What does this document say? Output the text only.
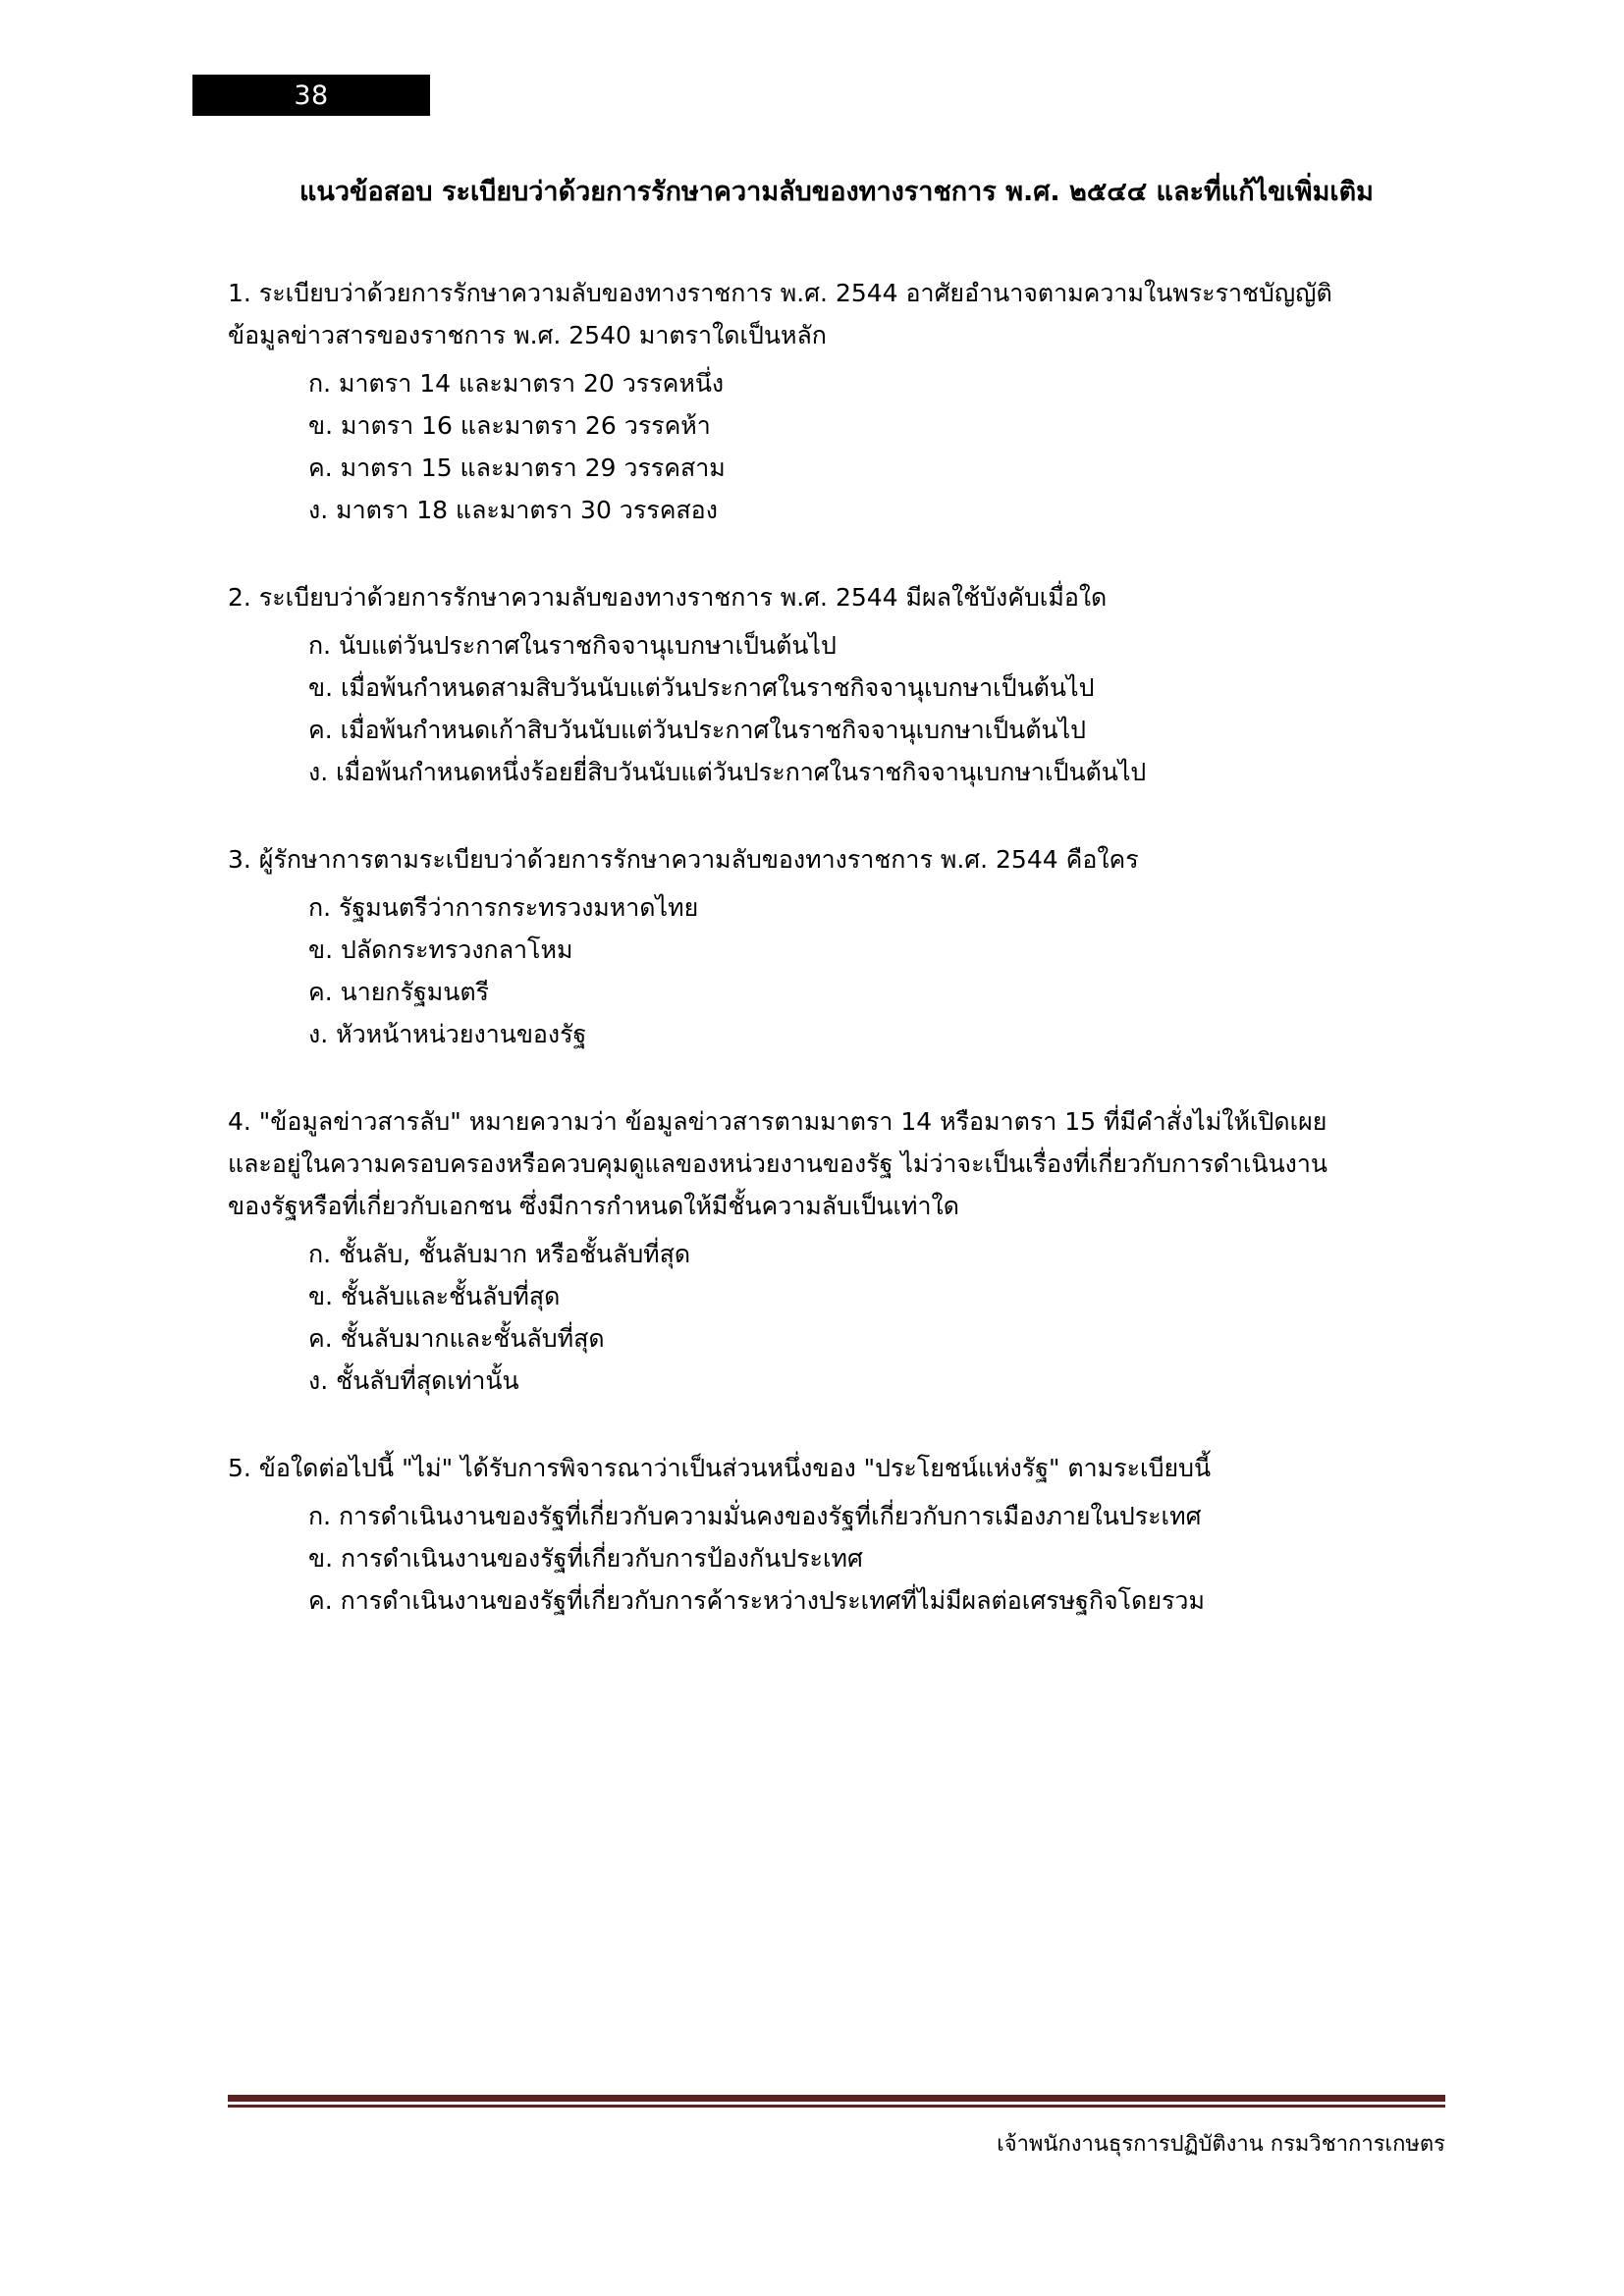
38
แนวข้อสอบ ระเบียบว่าด้วยการรักษาความลับของทางราชการ พ.ศ. ๒๕๔๔ และที่แก้ไขเพิ่มเติม
1. ระเบียบว่าด้วยการรักษาความลับของทางราชการ พ.ศ. 2544 อาศัยอำนาจตามความในพระราชบัญญัติ
ข้อมูลข่าวสารของราชการ พ.ศ. 2540 มาตราใดเป็นหลัก
ก. มาตรา 14 และมาตรา 20 วรรคหนึ่ง
ข. มาตรา 16 และมาตรา 26 วรรคห้า
ค. มาตรา 15 และมาตรา 29 วรรคสาม
ง. มาตรา 18 และมาตรา 30 วรรคสอง
2. ระเบียบว่าด้วยการรักษาความลับของทางราชการ พ.ศ. 2544 มีผลใช้บังคับเมื่อใด
ก. นับแต่วันประกาศในราชกิจจานุเบกษาเป็นต้นไป
ข. เมื่อพ้นกำหนดสามสิบวันนับแต่วันประกาศในราชกิจจานุเบกษาเป็นต้นไป
ค. เมื่อพ้นกำหนดเก้าสิบวันนับแต่วันประกาศในราชกิจจานุเบกษาเป็นต้นไป
ง. เมื่อพ้นกำหนดหนึ่งร้อยยี่สิบวันนับแต่วันประกาศในราชกิจจานุเบกษาเป็นต้นไป
3. ผู้รักษาการตามระเบียบว่าด้วยการรักษาความลับของทางราชการ พ.ศ. 2544 คือใคร
ก. รัฐมนตรีว่าการกระทรวงมหาดไทย
ข. ปลัดกระทรวงกลาโหม
ค. นายกรัฐมนตรี
ง. หัวหน้าหน่วยงานของรัฐ
4. "ข้อมูลข่าวสารลับ" หมายความว่า ข้อมูลข่าวสารตามมาตรา 14 หรือมาตรา 15 ที่มีคำสั่งไม่ให้เปิดเผย
และอยู่ในความครอบครองหรือควบคุมดูแลของหน่วยงานของรัฐ ไม่ว่าจะเป็นเรื่องที่เกี่ยวกับการดำเนินงาน
ของรัฐหรือที่เกี่ยวกับเอกชน ซึ่งมีการกำหนดให้มีชั้นความลับเป็นเท่าใด
ก. ชั้นลับ, ชั้นลับมาก หรือชั้นลับที่สุด
ข. ชั้นลับและชั้นลับที่สุด
ค. ชั้นลับมากและชั้นลับที่สุด
ง. ชั้นลับที่สุดเท่านั้น
5. ข้อใดต่อไปนี้ "ไม่" ได้รับการพิจารณาว่าเป็นส่วนหนึ่งของ "ประโยชน์แห่งรัฐ" ตามระเบียบนี้
ก. การดำเนินงานของรัฐที่เกี่ยวกับความมั่นคงของรัฐที่เกี่ยวกับการเมืองภายในประเทศ
ข. การดำเนินงานของรัฐที่เกี่ยวกับการป้องกันประเทศ
ค. การดำเนินงานของรัฐที่เกี่ยวกับการค้าระหว่างประเทศที่ไม่มีผลต่อเศรษฐกิจโดยรวม
เจ้าพนักงานธุรการปฏิบัติงาน กรมวิชาการเกษตร
